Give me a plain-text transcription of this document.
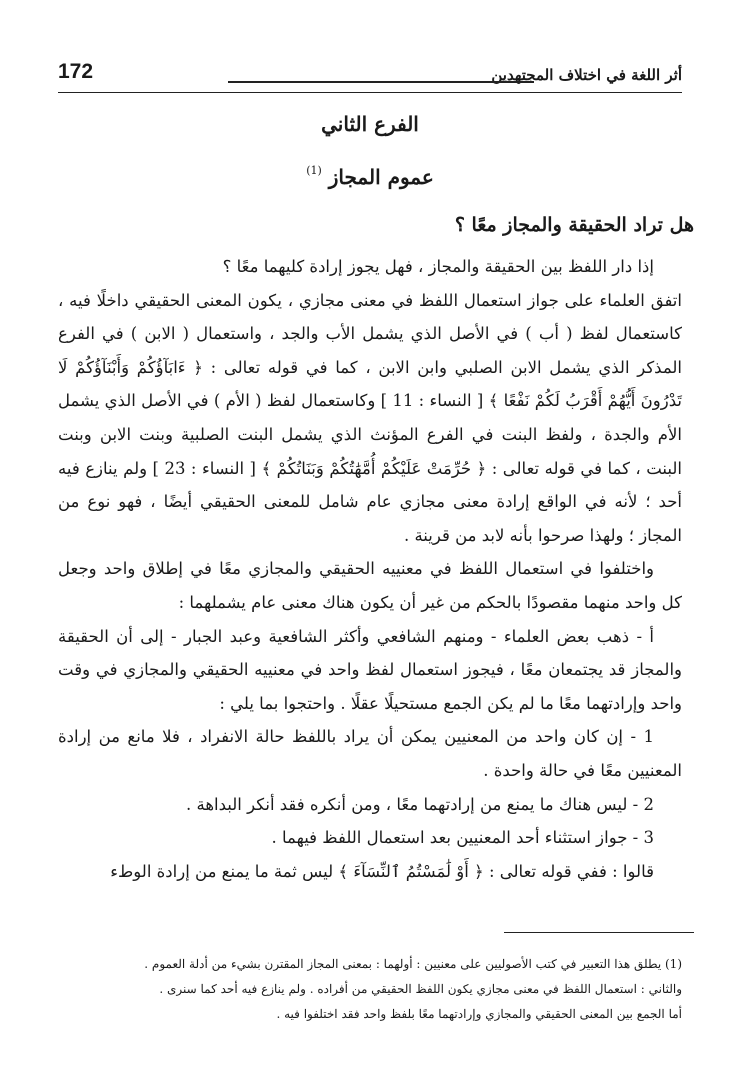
أثر اللغة في اختلاف المجتهدين
172
الفرع الثاني
عموم المجاز $^{(1)}$
هل تراد الحقيقة والمجاز معًا ؟

إذا دار اللفظ بين الحقيقة والمجاز ، فهل يجوز إرادة كليهما معًا ؟

اتفق العلماء على جواز استعمال اللفظ في معنى مجازي ، يكون المعنى الحقيقي داخلًا فيه ، كاستعمال لفظ ( أب ) في الأصل الذي يشمل الأب والجد ، واستعمال ( الابن ) في الفرع المذكر الذي يشمل الابن الصلبي وابن الابن ، كما في قوله تعالى : ﴿ ءَابَآؤُكُمْ وَأَبْنَآؤُكُمْ لَا تَدْرُونَ أَيُّهُمْ أَقْرَبُ لَكُمْ نَفْعًا ﴾ [ النساء : 11 ] وكاستعمال لفظ ( الأم ) في الأصل الذي يشمل الأم والجدة ، ولفظ البنت في الفرع المؤنث الذي يشمل البنت الصلبية وبنت الابن وبنت البنت ، كما في قوله تعالى : ﴿ حُرِّمَتْ عَلَيْكُمْ أُمَّهَٰتُكُمْ وَبَنَاتُكُمْ ﴾ [ النساء : 23 ] ولم ينازع فيه أحد ؛ لأنه في الواقع إرادة معنى مجازي عام شامل للمعنى الحقيقي أيضًا ، فهو نوع من المجاز ؛ ولهذا صرحوا بأنه لابد من قرينة .

واختلفوا في استعمال اللفظ في معنييه الحقيقي والمجازي معًا في إطلاق واحد وجعل كل واحد منهما مقصودًا بالحكم من غير أن يكون هناك معنى عام يشملهما :

أ - ذهب بعض العلماء - ومنهم الشافعي وأكثر الشافعية وعبد الجبار - إلى أن الحقيقة والمجاز قد يجتمعان معًا ، فيجوز استعمال لفظ واحد في معنييه الحقيقي والمجازي في وقت واحد وإرادتهما معًا ما لم يكن الجمع مستحيلًا عقلًا . واحتجوا بما يلي :

1 - إن كان واحد من المعنيين يمكن أن يراد باللفظ حالة الانفراد ، فلا مانع من إرادة المعنيين معًا في حالة واحدة .

2 - ليس هناك ما يمنع من إرادتهما معًا ، ومن أنكره فقد أنكر البداهة .

3 - جواز استثناء أحد المعنيين بعد استعمال اللفظ فيهما .

قالوا : ففي قوله تعالى : ﴿ أَوْ لَٰمَسْتُمُ ٱلنِّسَآءَ ﴾ ليس ثمة ما يمنع من إرادة الوطء

(1) يطلق هذا التعبير في كتب الأصوليين على معنيين : أولهما : بمعنى المجاز المقترن بشيء من أدلة العموم .

والثاني : استعمال اللفظ في معنى مجازي يكون اللفظ الحقيقي من أفراده . ولم ينازع فيه أحد كما سنرى .

أما الجمع بين المعنى الحقيقي والمجازي وإرادتهما معًا بلفظ واحد فقد اختلفوا فيه .
